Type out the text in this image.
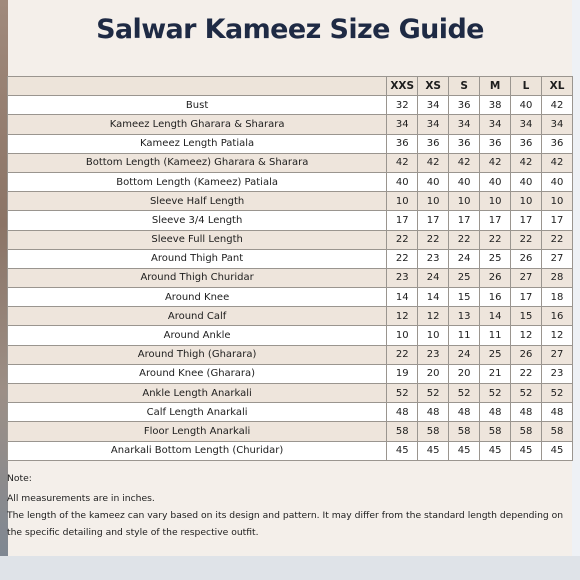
Salwar Kameez Size Guide
	XXS	XS	S	M	L	XL
Bust	32	34	36	38	40	42
Kameez Length Gharara & Sharara	34	34	34	34	34	34
Kameez Length Patiala	36	36	36	36	36	36
Bottom Length (Kameez) Gharara & Sharara	42	42	42	42	42	42
Bottom Length (Kameez) Patiala	40	40	40	40	40	40
Sleeve Half Length	10	10	10	10	10	10
Sleeve 3/4 Length	17	17	17	17	17	17
Sleeve Full Length	22	22	22	22	22	22
Around Thigh Pant	22	23	24	25	26	27
Around Thigh Churidar	23	24	25	26	27	28
Around Knee	14	14	15	16	17	18
Around Calf	12	12	13	14	15	16
Around Ankle	10	10	11	11	12	12
Around Thigh (Gharara)	22	23	24	25	26	27
Around Knee (Gharara)	19	20	20	21	22	23
Ankle Length Anarkali	52	52	52	52	52	52
Calf Length Anarkali	48	48	48	48	48	48
Floor Length Anarkali	58	58	58	58	58	58
Anarkali Bottom Length (Churidar)	45	45	45	45	45	45

Note:

All measurements are in inches.

The length of the kameez can vary based on its design and pattern. It may differ from the standard length depending on the specific detailing and style of the respective outfit.
